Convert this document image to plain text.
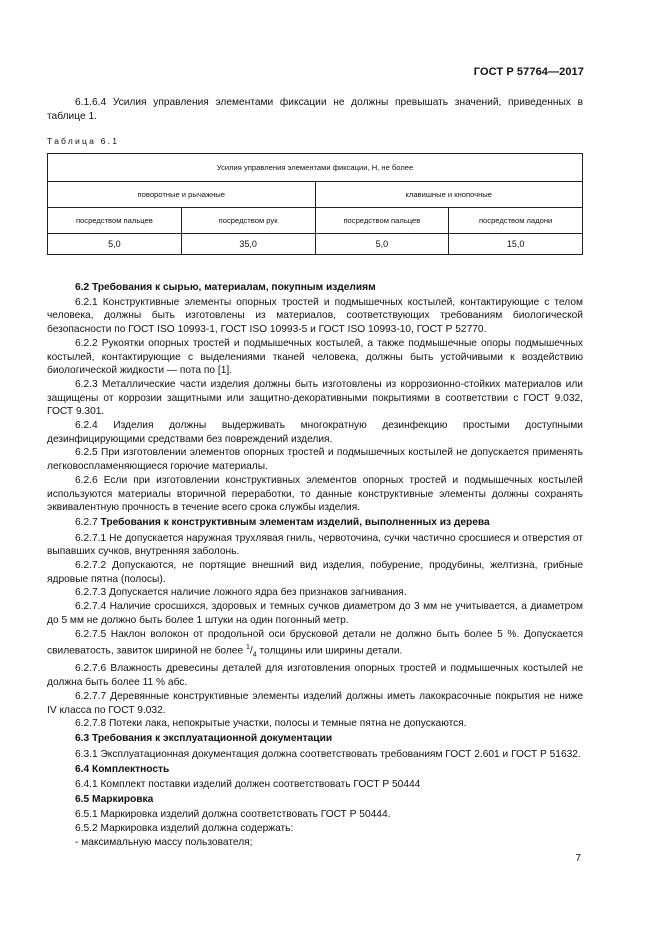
ГОСТ Р 57764—2017

6.1.6.4 Усилия управления элементами фиксации не должны превышать значений, приведенных в таблице 1.

Таблица 6.1
Усилия управления элементами фиксации, Н, не более			
поворотные и рычажные		клавишные и кнопочные	
посредством пальцев	посредством рук	посредством пальцев	посредством ладони
5,0	35,0	5,0	15,0

6.2 Требования к сырью, материалам, покупным изделиям

6.2.1 Конструктивные элементы опорных тростей и подмышечных костылей, контактирующие с телом человека, должны быть изготовлены из материалов, соответствующих требованиям биологической безопасности по ГОСТ ISO 10993-1, ГОСТ ISO 10993-5 и ГОСТ ISO 10993-10, ГОСТ Р 52770.

6.2.2 Рукоятки опорных тростей и подмышечных костылей, а также подмышечные опоры подмышечных костылей, контактирующие с выделениями тканей человека, должны быть устойчивыми к воздействию биологической жидкости — пота по [1].

6.2.3 Металлические части изделия должны быть изготовлены из коррозионно-стойких материалов или защищены от коррозии защитными или защитно-декоративными покрытиями в соответствии с ГОСТ 9.032, ГОСТ 9.301.

6.2.4 Изделия должны выдерживать многократную дезинфекцию простыми доступными дезинфицирующими средствами без повреждений изделия.

6.2.5 При изготовлении элементов опорных тростей и подмышечных костылей не допускается применять легковоспламеняющиеся горючие материалы.

6.2.6 Если при изготовлении конструктивных элементов опорных тростей и подмышечных костылей используются материалы вторичной переработки, то данные конструктивные элементы должны сохранять эквивалентную прочность в течение всего срока службы изделия.

6.2.7 Требования к конструктивным элементам изделий, выполненных из дерева

6.2.7.1 Не допускается наружная трухлявая гниль, червоточина, сучки частично сросшиеся и отверстия от выпавших сучков, внутренняя заболонь.

6.2.7.2 Допускаются, не портящие внешний вид изделия, побурение, продубины, желтизна, грибные ядровые пятна (полосы).

6.2.7.3 Допускается наличие ложного ядра без признаков загнивания.

6.2.7.4 Наличие сросшихся, здоровых и темных сучков диаметром до 3 мм не учитывается, а диаметром до 5 мм не должно быть более 1 штуки на один погонный метр.

6.2.7.5 Наклон волокон от продольной оси брусковой детали не должно быть более 5 %. Допускается свилеватость, завиток шириной не более $^1/_4$ толщины или ширины детали.

6.2.7.6 Влажность древесины деталей для изготовления опорных тростей и подмышечных костылей не должна быть более 11 % абс.

6.2.7.7 Деревянные конструктивные элементы изделий должны иметь лакокрасочные покрытия не ниже IV класса по ГОСТ 9.032.

6.2.7.8 Потеки лака, непокрытые участки, полосы и темные пятна не допускаются.

6.3 Требования к эксплуатационной документации

6.3.1 Эксплуатационная документация должна соответствовать требованиям ГОСТ 2.601 и ГОСТ Р 51632.

6.4 Комплектность

6.4.1 Комплект поставки изделий должен соответствовать ГОСТ Р 50444

6.5 Маркировка

6.5.1 Маркировка изделий должна соответствовать ГОСТ Р 50444.

6.5.2 Маркировка изделий должна содержать:

- максимальную массу пользователя;

7
